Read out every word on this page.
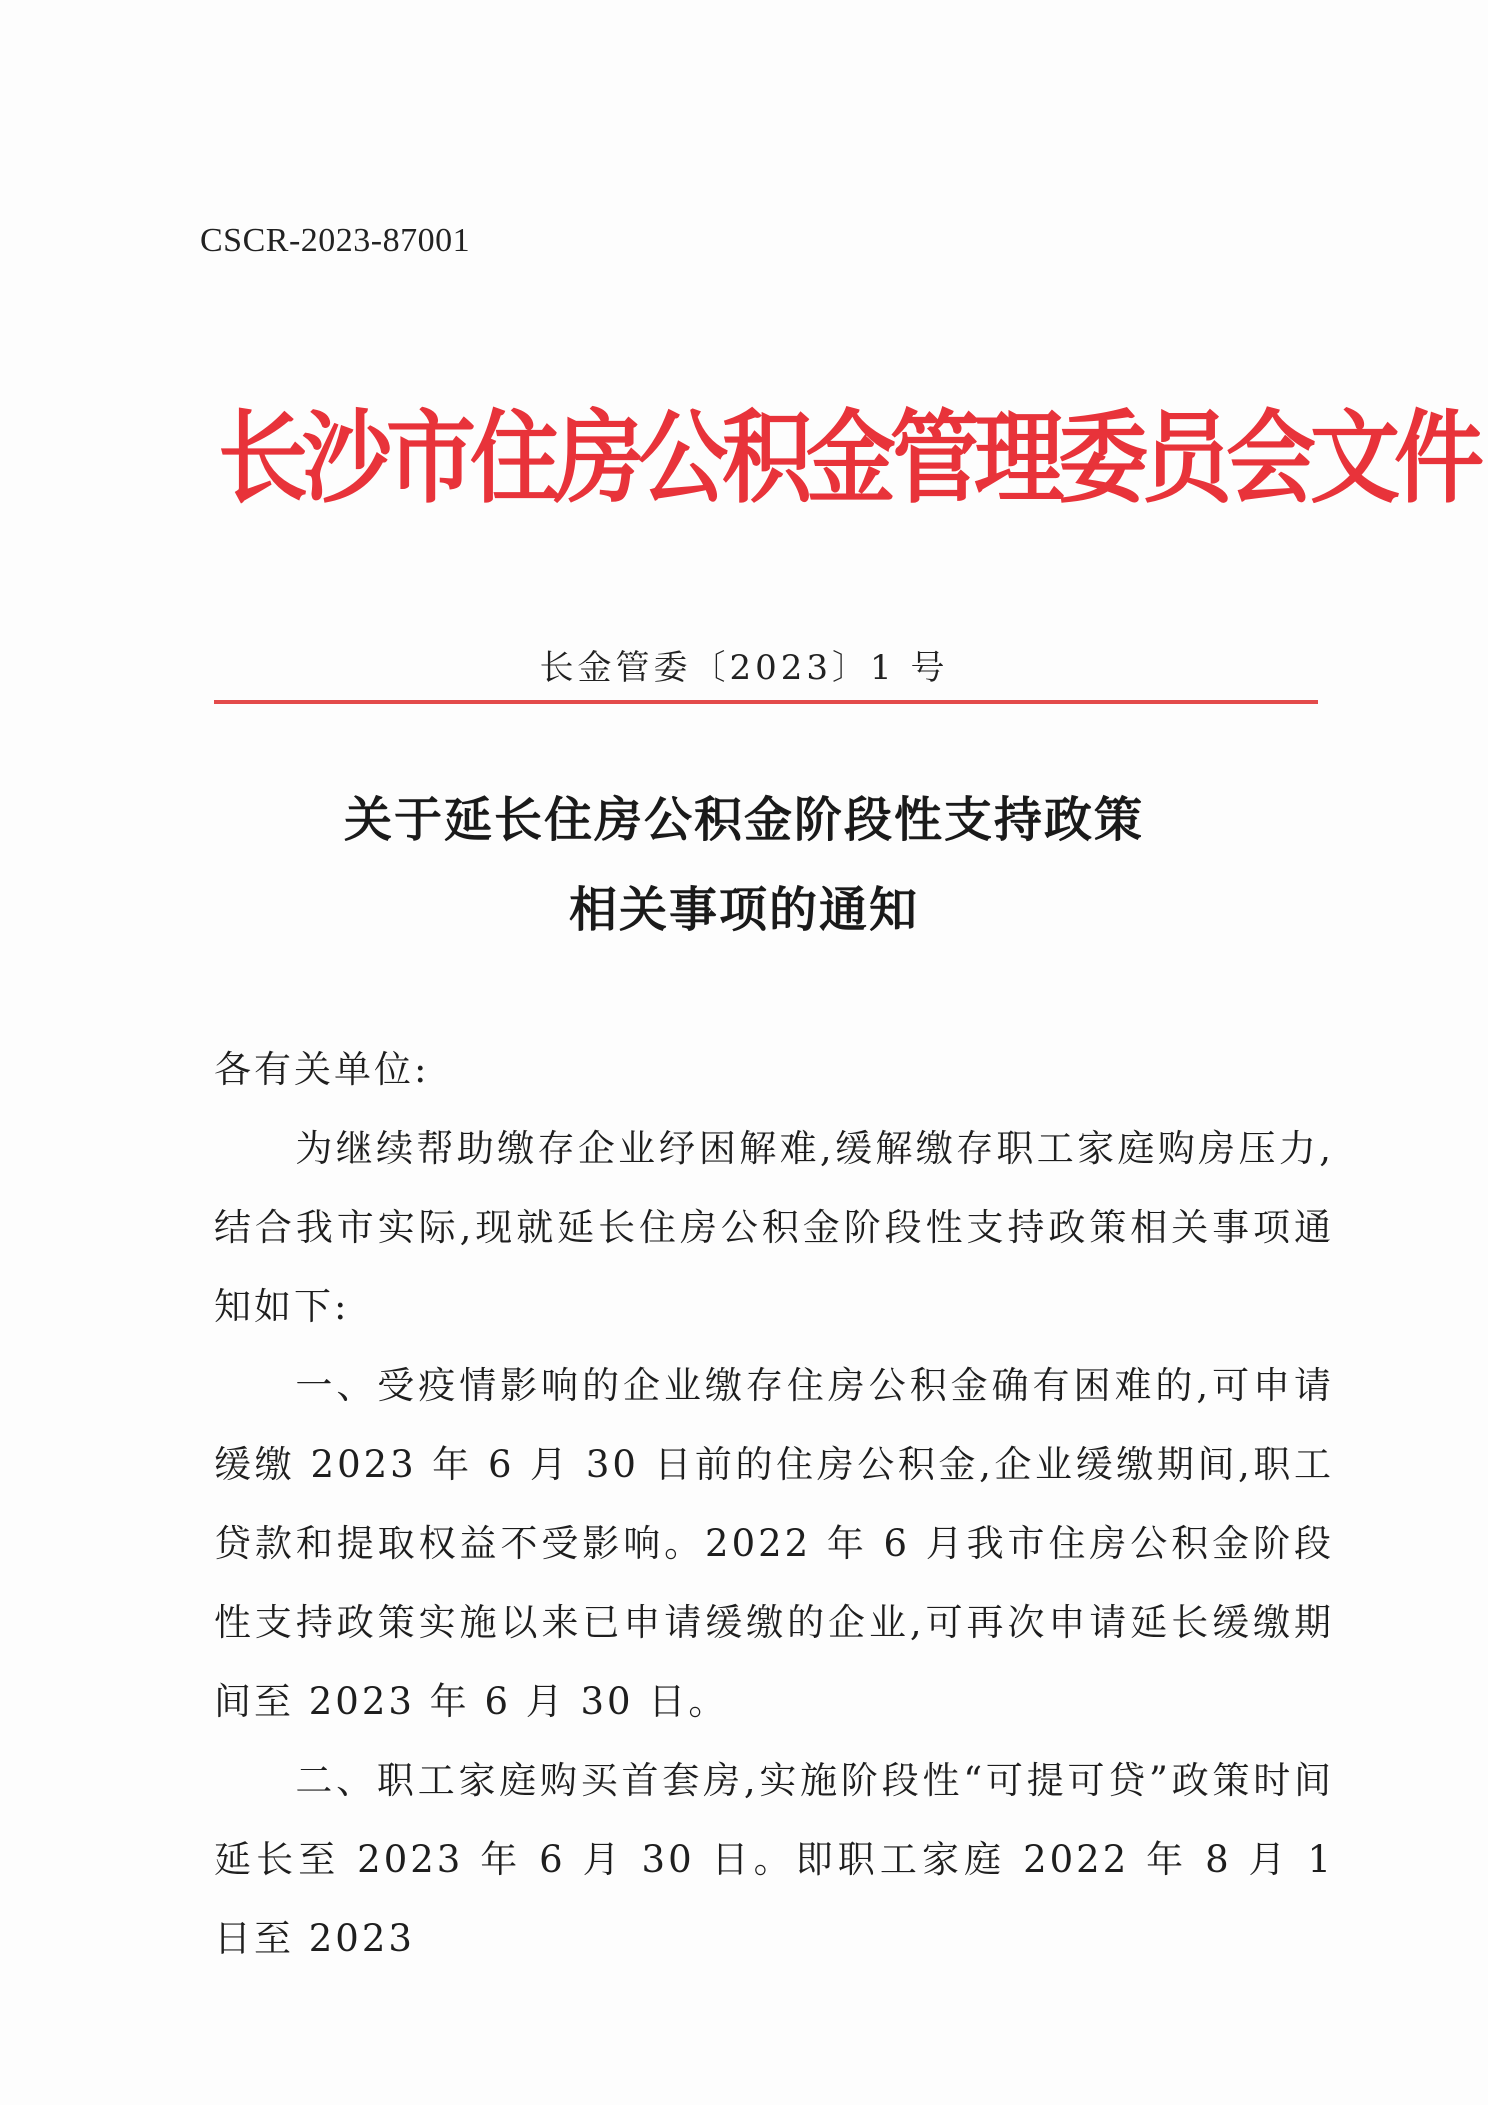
CSCR-2023-87001
长沙市住房公积金管理委员会文件
长金管委〔2023〕1 号
关于延长住房公积金阶段性支持政策
相关事项的通知

各有关单位:

为继续帮助缴存企业纾困解难,缓解缴存职工家庭购房压力,结合我市实际,现就延长住房公积金阶段性支持政策相关事项通知如下:

一、受疫情影响的企业缴存住房公积金确有困难的,可申请缓缴 2023 年 6 月 30 日前的住房公积金,企业缓缴期间,职工贷款和提取权益不受影响。2022 年 6 月我市住房公积金阶段性支持政策实施以来已申请缓缴的企业,可再次申请延长缓缴期间至 2023 年 6 月 30 日。

二、职工家庭购买首套房,实施阶段性“可提可贷”政策时间延长至 2023 年 6 月 30 日。即职工家庭 2022 年 8 月 1 日至 2023
